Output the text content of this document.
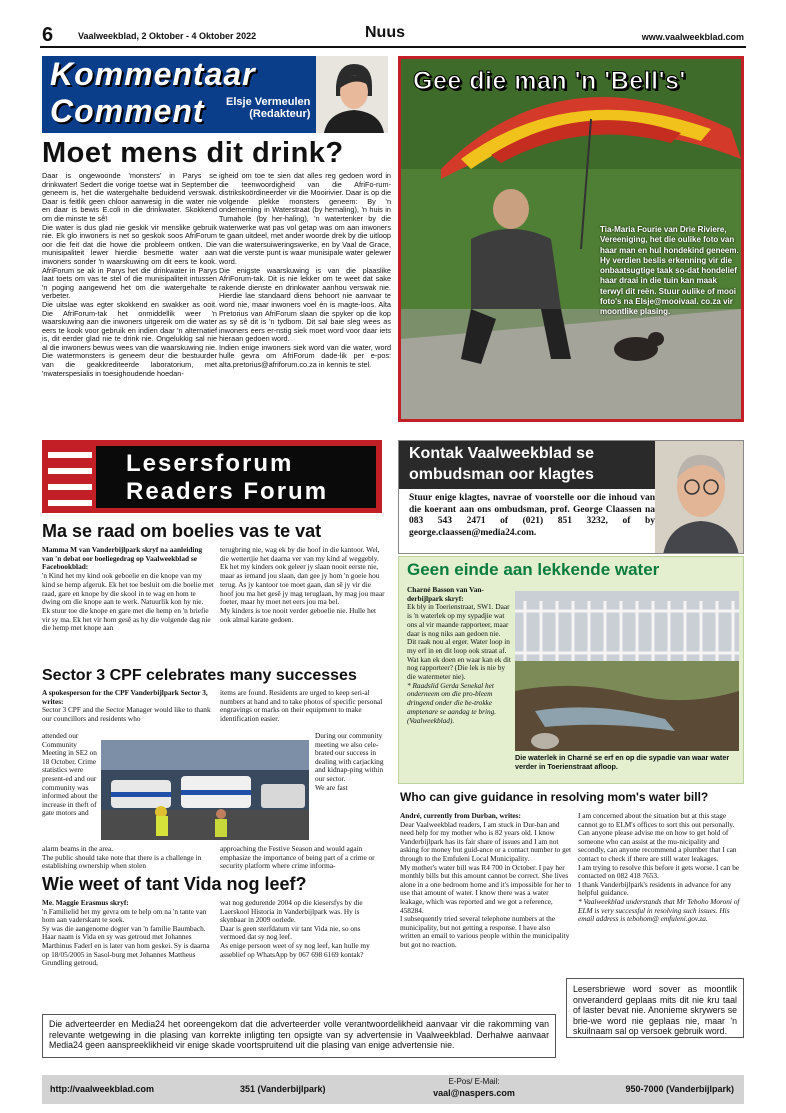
6	Vaalweekblad, 2 Oktober - 4 Oktober 2022	Nuus	www.vaalweekblad.com
Kommentaar
Comment Elsje Vermeulen
(Redakteur)
Moet mens dit drink?
Daar is ongewoonde 'monsters' in Parys se drinkwater! Sedert die vorige toetse wat in September geneem is, het die watergehalte beduidend verswak. Daar is feitlik geen chloor aanwesig in die water nie en daar is bewis E.coli in die drinkwater. Skokkend om die minste te sê!
Die water is dus glad nie geskik vir menslike gebruik nie. Ek glo inwoners is net so geskok soos AfriForum oor die feit dat die howe die probleem ontken. Die munisipaliteit lewer hierdie besmette water aan inwoners sonder 'n waarskuwing om dit eers te kook. AfriForum se ak in Parys het die drinkwater in Parys laat toets om vas te stel of die munisipaliteit intussen 'n poging aangewend het om die watergehalte te verbeter.
Die uitslae was egter skokkend en swakker as ooit. Die AfriForum-tak het onmiddellik weer 'n waarskuwing aan die inwoners uitgereik om die water eers te kook voor gebruik en indien daar 'n alternatief is, dit eerder glad nie te drink nie. Ongelukkig sal nie al die inwoners bewus wees van die waarskuwing nie. Die watermonsters is geneem deur die bestuurder van die geakkrediteerde laboratorium, met 'nwaterspesialis in toesighoudende hoedan-
igheid om toe te sien dat alles reg gedoen word in die teenwoordigheid van die AfriFo-rum-distrikskoördineerder vir die Mooirivier. Daar is op die volgende plekke monsters geneem: By 'n onderneming in Waterstraat (by hemaling), 'n huis in Tumahole (by her-haling), 'n watertenker by die waterwerke wat pas vol getap was om aan inwoners te gaan uitdeel, met ander woorde drek by die uitloop van die watersuiweringswerke, en by Vaal de Grace, wat die verste punt is waar munisipale water gelewer word.
Die enigste waarskuwing is van die plaaslike AfriForum-tak. Dit is nie lekker om te weet dat sake rakende dienste en drinkwater aanhou verswak nie. Hierdie lae standaard diens behoort nie aanvaar te word nie, maar inwoners voel én is magte-loos. Alta Pretorius van AfriForum slaan die spyker op die kop as sy sê dit is 'n tydbom. Dit sal baie sleg wees as inwoners eers er-nstig siek moet word voor daar iets hieraan gedoen word.
Indien enige inwoners siek word van die water, word hulle gevra om AfriForum dade-lik per e-pos: alta.pretorius@afriforum.co.za in kennis te stel.
Gee die man 'n 'Bell's'
Tia-Maria Fourie van Drie Riviere, Vereeniging, het die oulike foto van haar man en hul hondekind geneem. Hy verdien beslis erkenning vir die onbaatsugtige taak so-dat hondelief haar draai in die tuin kan maak terwyl dit reën. Stuur oulike of mooi foto's na Elsje@mooivaal. co.za vir moontlike plasing.
Lesersforum
Readers Forum
Ma se raad om boelies vas te vat
Mamma M van Vanderbijlpark skryf na aanleiding van 'n debat oor boeliegedrag op Vaalweekblad se Facebookblad:
'n Kind het my kind ook geboelie en die knope van my kind se hemp afgeruk. Ek het toe besluit om die boelie met raad, gare en knope by die skool in te wag en hom te dwing om die knope aan te werk. Natuurlik kon hy nie.
Ek stuur toe die knope en gare met die hemp en 'n briefie vir sy ma. Ek het vir hom gesê as hy die volgende dag nie die hemp met knope aan
terugbring nie, wag ek by die hoof in die kantoor. Wel, die wettertjie het daarna ver van my kind af weggebly.
Ek het my kinders ook geleer jy slaan nooit eerste nie, maar as iemand jou slaan, dan gee jy hom 'n goeie hou terug. As jy kantoor toe moet gaan, dan sê jy vir die hoof jou ma het gesê jy mag teruglaan, hy mag jou maar foeter, maar hy moet net eers jou ma bel.
My kinders is toe nooit verder geboelie nie. Hulle het ook almal karate gedoen.
Sector 3 CPF celebrates many successes
A spokesperson for the CPF Vanderbijlpark Sector 3, writes:
Sector 3 CPF and the Sector Manager would like to thank our councillors and residents who
attended our Community Meeting in SE2 on 18 October. Crime statistics were present-ed and our community was informed about the increase in theft of gate motors and
alarm beams in the area.
The public should take note that there is a challenge in establishing ownership when stolen
items are found. Residents are urged to keep seri-al numbers at hand and to take photos of specific personal engravings or marks on their equipment to make identification easier.
During our community meeting we also cele-brated our success in dealing with carjacking and kidnap-ping within our sector.
We are fast
approaching the Festive Season and would again emphasize the importance of being part of a crime or security platform where crime informa-
Wie weet of tant Vida nog leef?
Me. Maggie Erasmus skryf:
'n Familielid het my gevra om te help om na 'n tante van hom aan vaderskant te soek.
Sy was die aangenome dogter van 'n familie Baumbach. Haar naam is Vida en sy was getroud met Johannes Marthinus Faderl en is later van hom geskei. Sy is daarna op 18/05/2005 in Sasol-burg met Johannes Mattheus Grundling getroud,
wat nog gedurende 2004 op die kiesersfys by die Laerskool Historia in Vanderbijlpark was. Hy is skynbaar in 2009 oorlede.
Daar is geen sterfdatum vir tant Vida nie, so ons vermoed dat sy nog leef.
As enige persoon weet of sy nog leef, kan hulle my asseblief op WhatsApp by 067 698 6169 kontak?
Kontak Vaalweekblad se
ombudsman oor klagtes
Stuur enige klagtes, navrae of voorstelle oor die inhoud van die koerant aan ons ombudsman, prof. George Claassen na 083 543 2471 of (021) 851 3232, of by george.claassen@media24.com.
Geen einde aan lekkende water
Charné Basson van Van-derbijlpark skryf:
Ek bly in Toerienstraat, SW1. Daar is 'n waterlek op my sypadjie wat ons al vir maande rapporteer, maar daar is nog niks aan gedoen nie. Dit raak nou al erger. Water loop in my erf in en dit loop ook straat af.
Wat kan ek doen en waar kan ek dit nog rapporteer? (Die lek is nie by die watermeter nie).
* Raadslid Gerda Senekal het onderneem om die pro-bleem dringend onder die be-trokke amptenare se aandag te bring. (Vaalweekblad).
Die waterlek in Charné se erf en op die sypadie van waar water verder in Toerienstraat afloop.
Who can give guidance in resolving mom's water bill?
André, currently from Durban, writes:
Dear Vaalweekblad readers, I am stuck in Dur-ban and need help for my mother who is 82 years old. I know Vanderbijlpark has its fair share of issues and I am not asking for money but guid-ance or a contact number to get through to the Emfuleni Local Municipality.
My mother's water bill was R4 700 in October. I pay her monthly bills but this amount cannot be correct. She lives alone in a one bedroom home and it's impossible for her to use that amount of water. I know there was a water leakage, which was reported and we got a reference, 458284.
I subsequently tried several telephone numbers at the municipality, but not getting a response. I have also written an email to various people within the municipality but got no reaction.
I am concerned about the situation but at this stage cannot go to ELM's offices to sort this out personally. Can anyone please advise me on how to get hold of someone who can assist at the mu-nicipality and secondly, can anyone recommend a plumber that I can contact to check if there are still water leakages.
I am trying to resolve this before it gets worse. I can be contacted on 082 418 7653.
I thank Vanderbijlpark's residents in advance for any helpful guidance.
* Vaalweekblad understands that Mr Teboho Moroni of ELM is very successful in resolving such issues. His email address is tebohom@ emfuleni.gov.za.
Lesersbriewe word sover as moontlik onveranderd geplaas mits dit nie kru taal of laster bevat nie. Anonieme skrywers se brie-we word nie geplaas nie, maar 'n skuilnaam sal op versoek gebruik word.
Die adverteerder en Media24 het ooreengekom dat die adverteerder volle verantwoordelikheid aanvaar vir die rakomming van relevante wetgewing in die plasing van korrekte inligting ten opsigte van sy advertensie in Vaalweekblad. Derhalwe aanvaar Media24 geen aanspreeklikheid vir enige skade voortspruitend uit die plasing van enige advertensie nie.
http://vaalweekblad.com	351 (Vanderbijlpark)
E-Pos/ E-Mail:
vaal@naspers.com	950-7000 (Vanderbijlpark)
